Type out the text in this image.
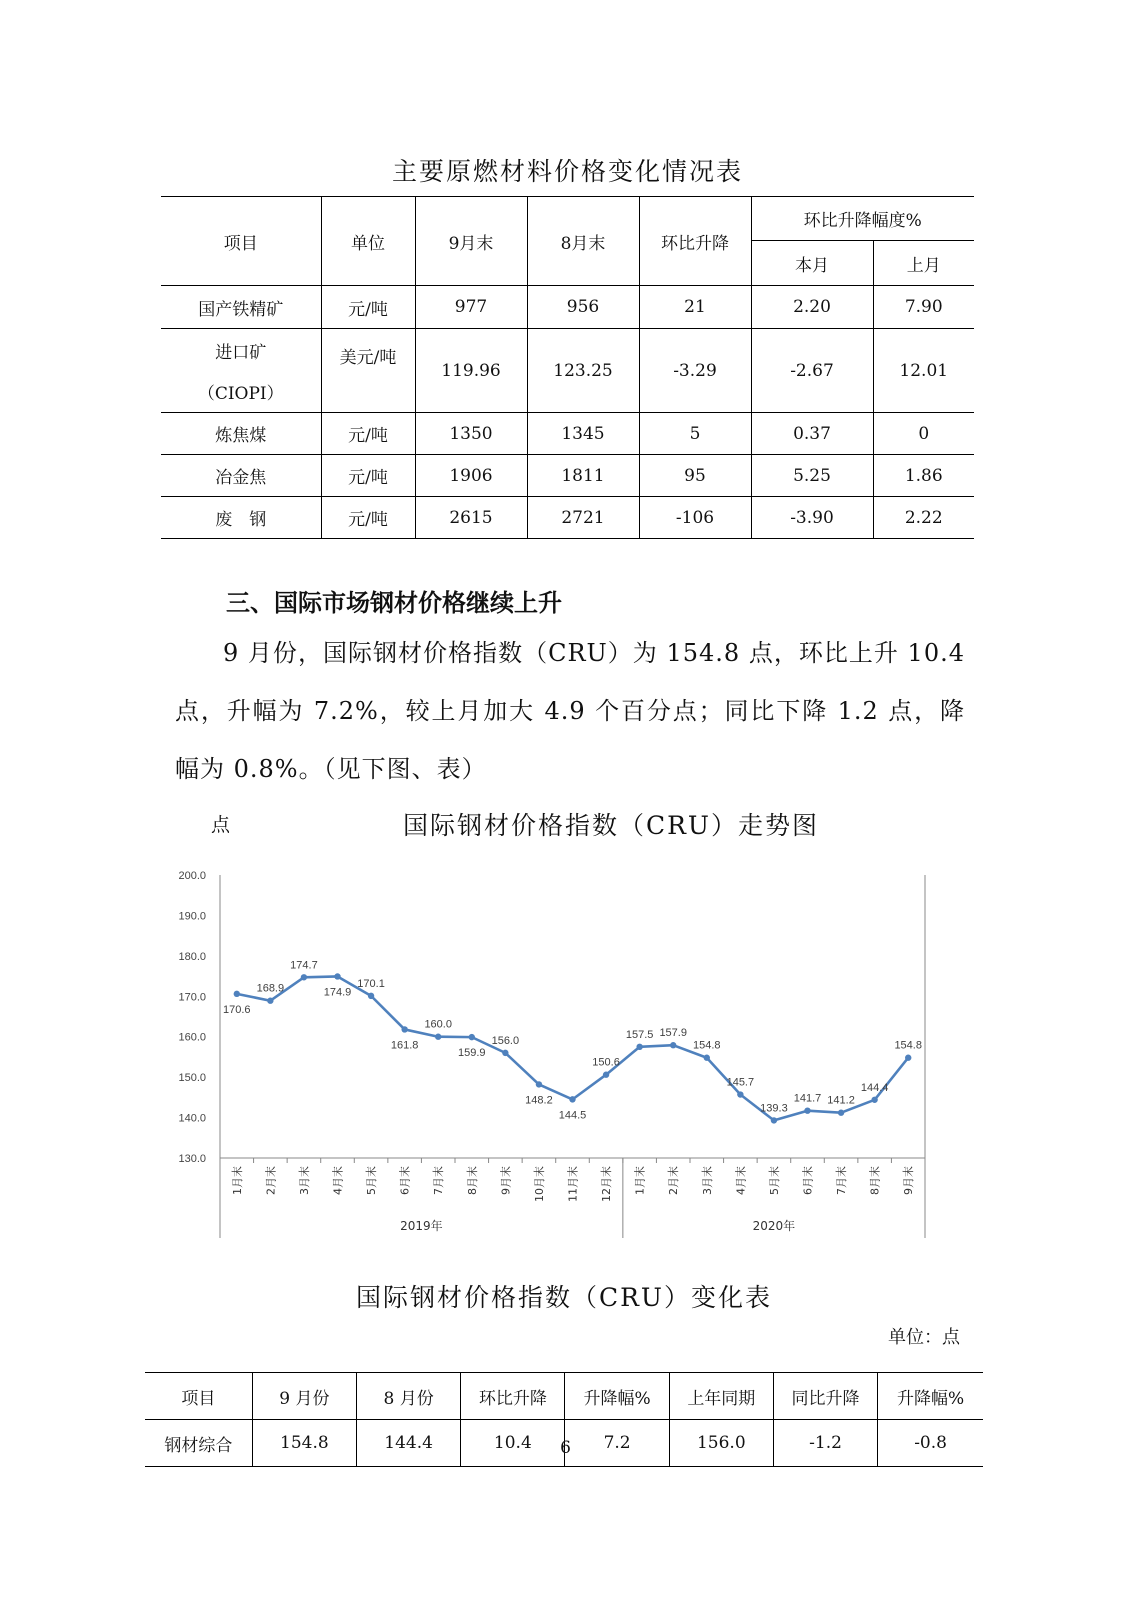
主要原燃材料价格变化情况表
项目	单位	9月末	8月末	环比升降	环比升降幅度%	
					本月	上月
国产铁精矿	元/吨	977	956	21	2.20	7.90

进口矿
（CIOPI）	美元/吨	119.96	123.25	-3.29	-2.67	12.01
炼焦煤	元/吨	1350	1345	5	0.37	0
冶金焦	元/吨	1906	1811	95	5.25	1.86
废　钢	元/吨	2615	2721	-106	-3.90	2.22
三、国际市场钢材价格继续上升
9 月份，国际钢材价格指数（CRU）为 154.8 点，环比上升 10.4 点，升幅为 7.2%，较上月加大 4.9 个百分点；同比下降 1.2 点，降幅为 0.8%。（见下图、表）
点	国际钢材价格指数（CRU）走势图
200.0
190.0
180.0
170.0
160.0
150.0
140.0
130.0
1月末 2月末 3月末 4月末 5月末 6月末 7月末 8月末 9月末 10月末 11月末 12月末 1月末 2月末 3月末 4月末 5月末 6月末 7月末 8月末 9月末
2019年	2020年
170.6
168.9
174.7
174.9
170.1
161.8
160.0
159.9
156.0
148.2
144.5
150.6
157.5 157.9
154.8
145.7
139.3
141.7 141.2
144.4
154.8
国际钢材价格指数（CRU）变化表
单位：点
项目	9 月份	8 月份	环比升降	升降幅%	上年同期	同比升降	升降幅%
钢材综合	154.8	144.4	10.4	7.2	156.0	-1.2	-0.8
6
